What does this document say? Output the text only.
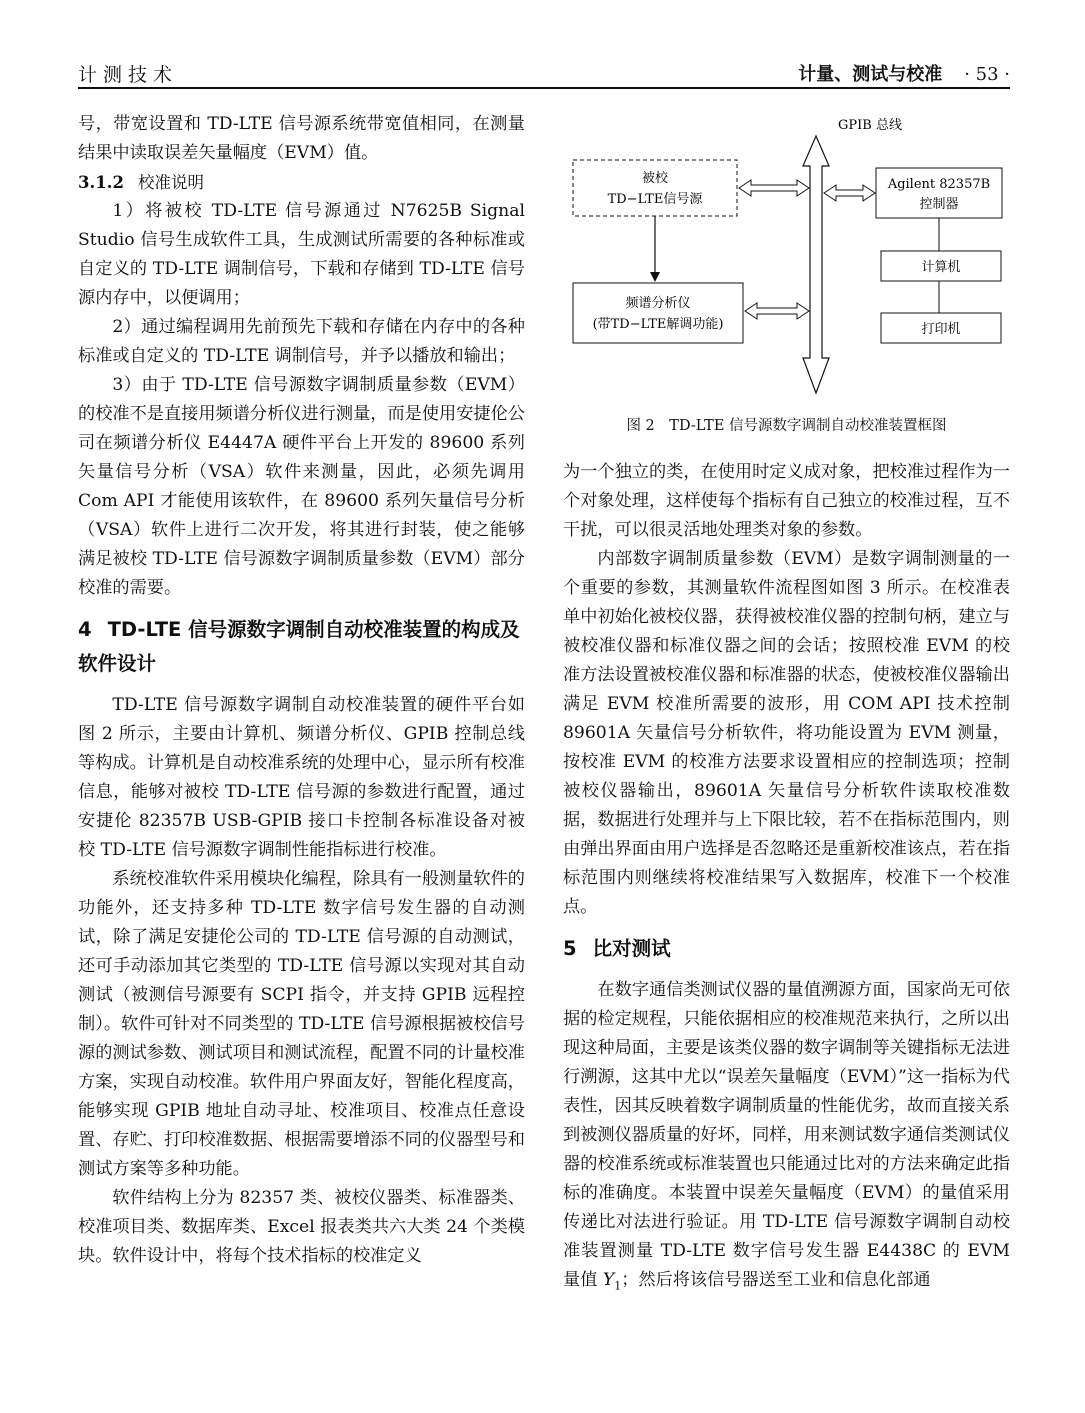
计测技术	计量、测试与校准 · 53 ·

号，带宽设置和 TD-LTE 信号源系统带宽值相同，在测量结果中读取误差矢量幅度（EVM）值。

3.1.2 校准说明

1）将被校 TD-LTE 信号源通过 N7625B Signal Studio 信号生成软件工具，生成测试所需要的各种标准或自定义的 TD-LTE 调制信号，下载和存储到 TD-LTE 信号源内存中，以便调用；

2）通过编程调用先前预先下载和存储在内存中的各种标准或自定义的 TD-LTE 调制信号，并予以播放和输出；

3）由于 TD-LTE 信号源数字调制质量参数（EVM）的校准不是直接用频谱分析仪进行测量，而是使用安捷伦公司在频谱分析仪 E4447A 硬件平台上开发的 89600 系列矢量信号分析（VSA）软件来测量，因此，必须先调用 Com API 才能使用该软件，在 89600 系列矢量信号分析（VSA）软件上进行二次开发，将其进行封装，使之能够满足被校 TD-LTE 信号源数字调制质量参数（EVM）部分校准的需要。

4 TD-LTE 信号源数字调制自动校准装置的构成及软件设计

TD-LTE 信号源数字调制自动校准装置的硬件平台如图 2 所示，主要由计算机、频谱分析仪、GPIB 控制总线等构成。计算机是自动校准系统的处理中心，显示所有校准信息，能够对被校 TD-LTE 信号源的参数进行配置，通过安捷伦 82357B USB-GPIB 接口卡控制各标准设备对被校 TD-LTE 信号源数字调制性能指标进行校准。

系统校准软件采用模块化编程，除具有一般测量软件的功能外，还支持多种 TD-LTE 数字信号发生器的自动测试，除了满足安捷伦公司的 TD-LTE 信号源的自动测试，还可手动添加其它类型的 TD-LTE 信号源以实现对其自动测试（被测信号源要有 SCPI 指令，并支持 GPIB 远程控制）。软件可针对不同类型的 TD-LTE 信号源根据被校信号源的测试参数、测试项目和测试流程，配置不同的计量校准方案，实现自动校准。软件用户界面友好，智能化程度高，能够实现 GPIB 地址自动寻址、校准项目、校准点任意设置、存贮、打印校准数据、根据需要增添不同的仪器型号和测试方案等多种功能。

软件结构上分为 82357 类、被校仪器类、标准器类、校准项目类、数据库类、Excel 报表类共六大类 24 个类模块。软件设计中，将每个技术指标的校准定义

GPIB 总线
被校
TD−LTE信号源
频谱分析仪
(带TD−LTE解调功能)
Agilent 82357B
控制器
计算机
打印机
图 2　TD-LTE 信号源数字调制自动校准装置框图

为一个独立的类，在使用时定义成对象，把校准过程作为一个对象处理，这样使每个指标有自己独立的校准过程，互不干扰，可以很灵活地处理类对象的参数。

内部数字调制质量参数（EVM）是数字调制测量的一个重要的参数，其测量软件流程图如图 3 所示。在校准表单中初始化被校仪器，获得被校准仪器的控制句柄，建立与被校准仪器和标准仪器之间的会话；按照校准 EVM 的校准方法设置被校准仪器和标准器的状态，使被校准仪器输出满足 EVM 校准所需要的波形，用 COM API 技术控制 89601A 矢量信号分析软件，将功能设置为 EVM 测量，按校准 EVM 的校准方法要求设置相应的控制选项；控制被校仪器输出，89601A 矢量信号分析软件读取校准数据，数据进行处理并与上下限比较，若不在指标范围内，则由弹出界面由用户选择是否忽略还是重新校准该点，若在指标范围内则继续将校准结果写入数据库，校准下一个校准点。

5 比对测试

在数字通信类测试仪器的量值溯源方面，国家尚无可依据的检定规程，只能依据相应的校准规范来执行，之所以出现这种局面，主要是该类仪器的数字调制等关键指标无法进行溯源，这其中尤以“误差矢量幅度（EVM）”这一指标为代表性，因其反映着数字调制质量的性能优劣，故而直接关系到被测仪器质量的好坏，同样，用来测试数字通信类测试仪器的校准系统或标准装置也只能通过比对的方法来确定此指标的准确度。本装置中误差矢量幅度（EVM）的量值采用传递比对法进行验证。用 TD-LTE 信号源数字调制自动校准装置测量 TD-LTE 数字信号发生器 E4438C 的 EVM 量值 $Y_1$；然后将该信号器送至工业和信息化部通
